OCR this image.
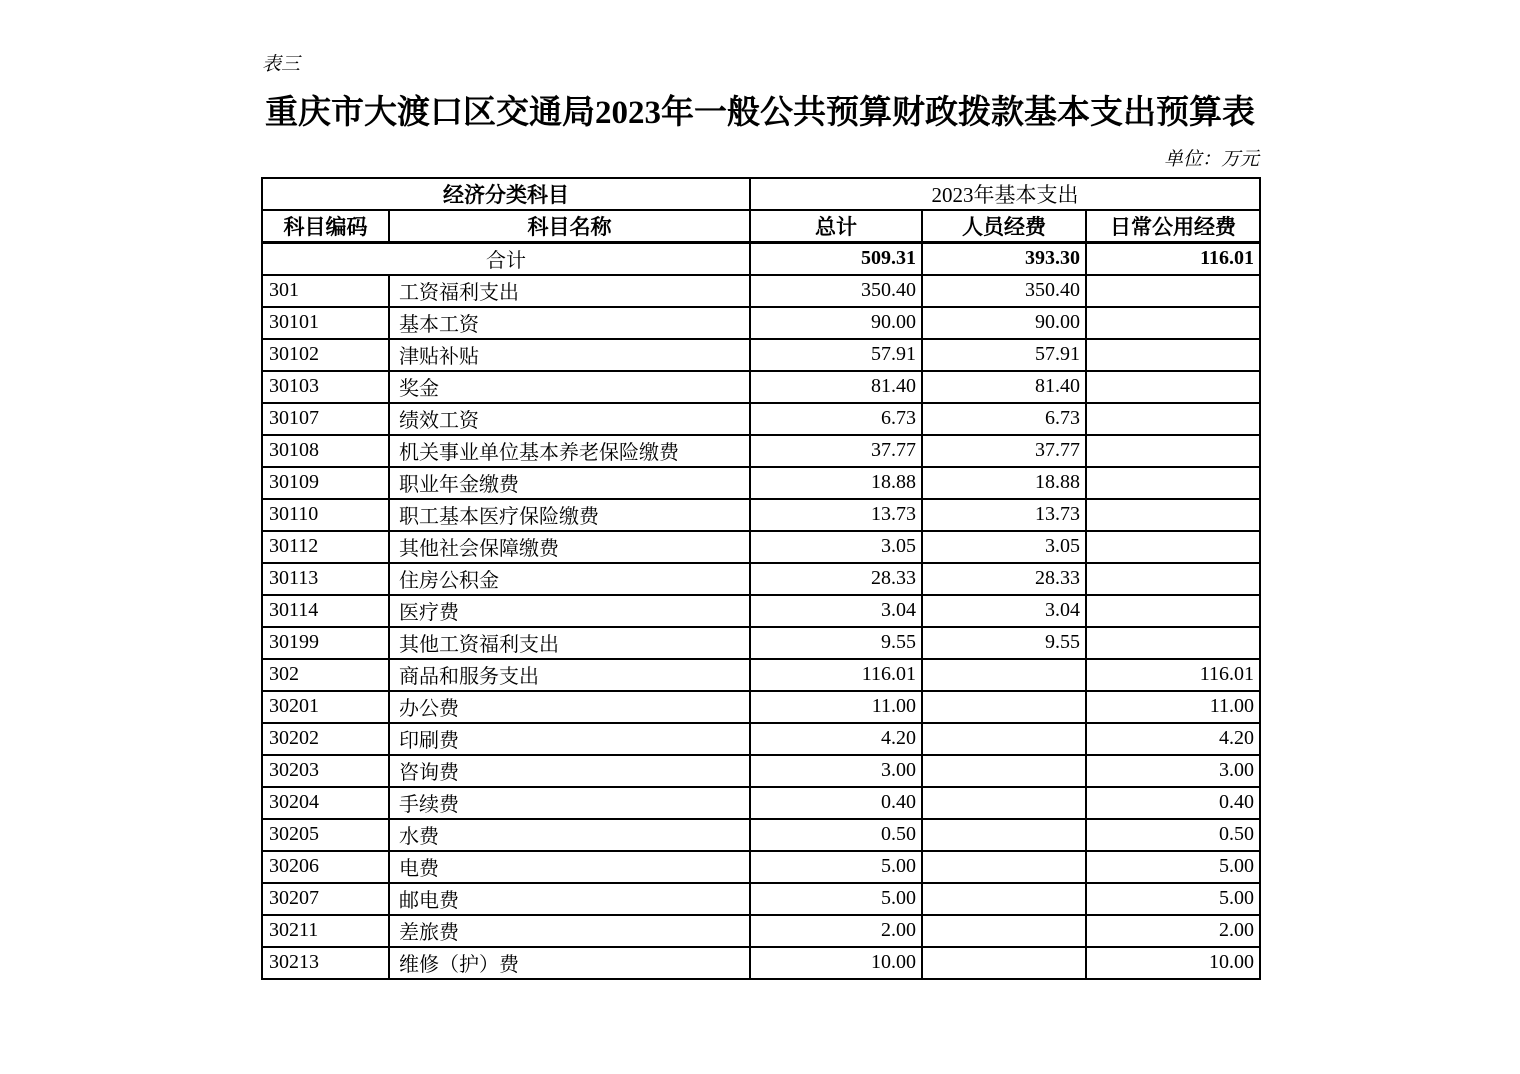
表三
重庆市大渡口区交通局2023年一般公共预算财政拨款基本支出预算表
单位：万元
经济分类科目		2023年基本支出		
科目编码	科目名称	总计	人员经费	日常公用经费
合计		509.31	393.30	116.01
301	工资福利支出	350.40	350.40	
30101	基本工资	90.00	90.00	
30102	津贴补贴	57.91	57.91	
30103	奖金	81.40	81.40	
30107	绩效工资	6.73	6.73	
30108	机关事业单位基本养老保险缴费	37.77	37.77	
30109	职业年金缴费	18.88	18.88	
30110	职工基本医疗保险缴费	13.73	13.73	
30112	其他社会保障缴费	3.05	3.05	
30113	住房公积金	28.33	28.33	
30114	医疗费	3.04	3.04	
30199	其他工资福利支出	9.55	9.55	
302	商品和服务支出	116.01		116.01
30201	办公费	11.00		11.00
30202	印刷费	4.20		4.20
30203	咨询费	3.00		3.00
30204	手续费	0.40		0.40
30205	水费	0.50		0.50
30206	电费	5.00		5.00
30207	邮电费	5.00		5.00
30211	差旅费	2.00		2.00
30213	维修（护）费	10.00		10.00
